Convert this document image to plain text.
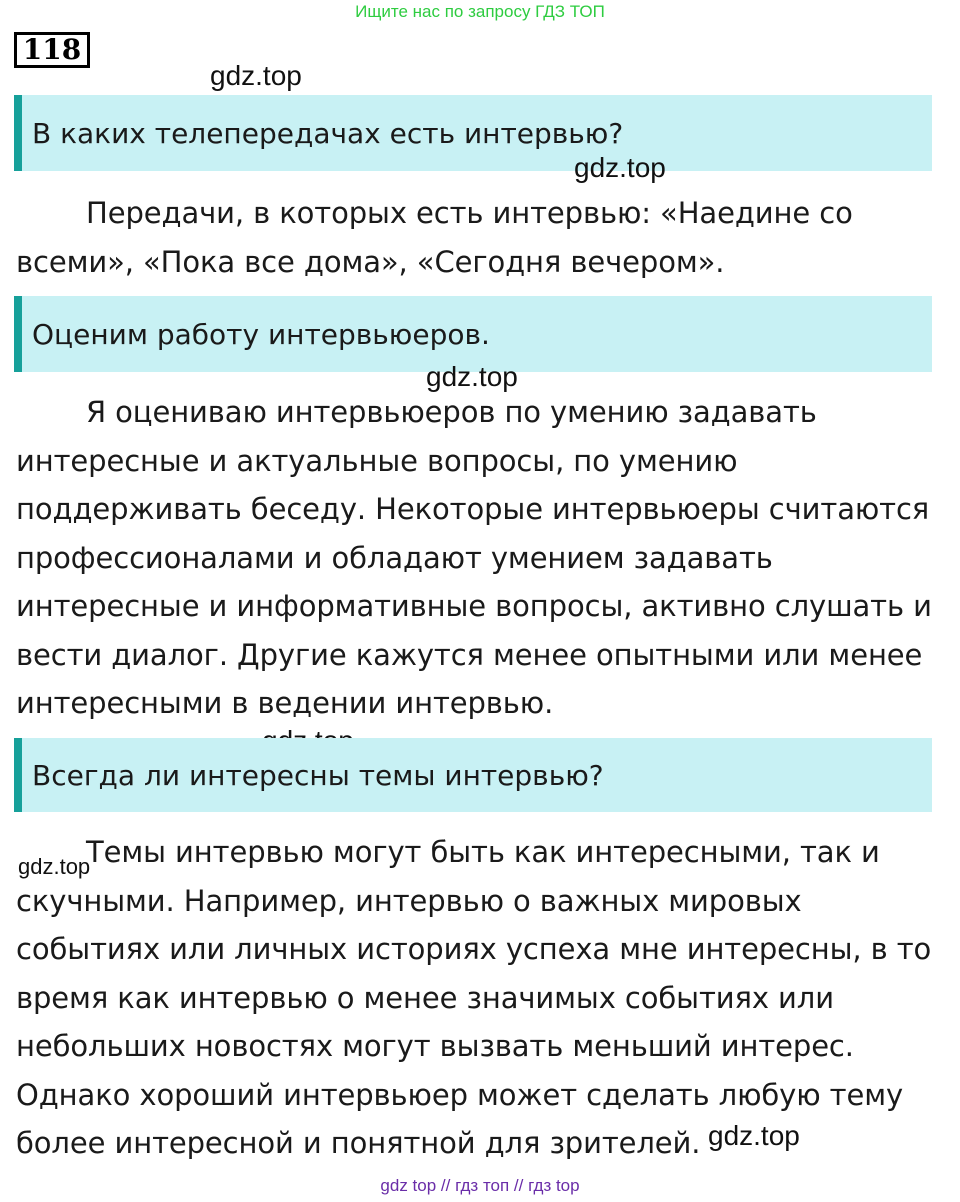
Ищите нас по запросу ГДЗ ТОП
118
gdz.top
В каких телепередачах есть интервью?
gdz.top

Передачи, в которых есть интервью: «Наедине со всеми», «Пока все дома», «Сегодня вечером».

Оценим работу интервьюеров.
gdz.top

Я оцениваю интервьюеров по умению задавать интересные и актуальные вопросы, по умению поддерживать беседу. Некоторые интервьюеры считаются профессионалами и обладают умением задавать интересные и информативные вопросы, активно слушать и вести диалог. Другие кажутся менее опытными или менее интересными в ведении интервью.

Всегда ли интересны темы интервью?

Темы интервью могут быть как интересными, так и скучными. Например, интервью о важных мировых событиях или личных историях успеха мне интересны, в то время как интервью о менее значимых событиях или небольших новостях могут вызвать меньший интерес. Однако хороший интервьюер может сделать любую тему более интересной и понятной для зрителей.

gdz.top
gdz.top
gdz top // гдз топ // гдз top
